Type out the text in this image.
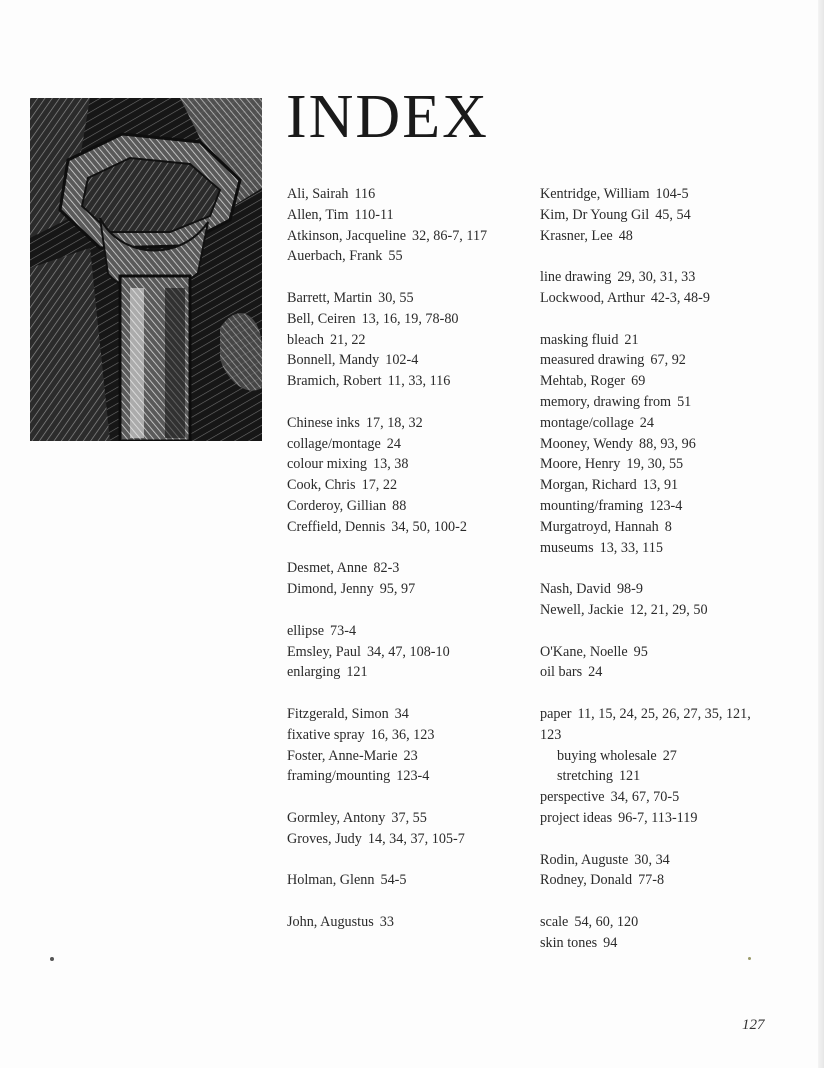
INDEX
Ali, Sairah 116
Allen, Tim 110-11
Atkinson, Jacqueline 32, 86-7, 117
Auerbach, Frank 55
Barrett, Martin 30, 55
Bell, Ceiren 13, 16, 19, 78-80
bleach 21, 22
Bonnell, Mandy 102-4
Bramich, Robert 11, 33, 116
Chinese inks 17, 18, 32
collage/montage 24
colour mixing 13, 38
Cook, Chris 17, 22
Corderoy, Gillian 88
Creffield, Dennis 34, 50, 100-2
Desmet, Anne 82-3
Dimond, Jenny 95, 97
ellipse 73-4
Emsley, Paul 34, 47, 108-10
enlarging 121
Fitzgerald, Simon 34
fixative spray 16, 36, 123
Foster, Anne-Marie 23
framing/mounting 123-4
Gormley, Antony 37, 55
Groves, Judy 14, 34, 37, 105-7
Holman, Glenn 54-5
John, Augustus 33
Kentridge, William 104-5
Kim, Dr Young Gil 45, 54
Krasner, Lee 48
line drawing 29, 30, 31, 33
Lockwood, Arthur 42-3, 48-9
masking fluid 21
measured drawing 67, 92
Mehtab, Roger 69
memory, drawing from 51
montage/collage 24
Mooney, Wendy 88, 93, 96
Moore, Henry 19, 30, 55
Morgan, Richard 13, 91
mounting/framing 123-4
Murgatroyd, Hannah 8
museums 13, 33, 115
Nash, David 98-9
Newell, Jackie 12, 21, 29, 50
O'Kane, Noelle 95
oil bars 24
paper 11, 15, 24, 25, 26, 27, 35, 121, 123
buying wholesale 27
stretching 121
perspective 34, 67, 70-5
project ideas 96-7, 113-119
Rodin, Auguste 30, 34
Rodney, Donald 77-8
scale 54, 60, 120
skin tones 94
127
